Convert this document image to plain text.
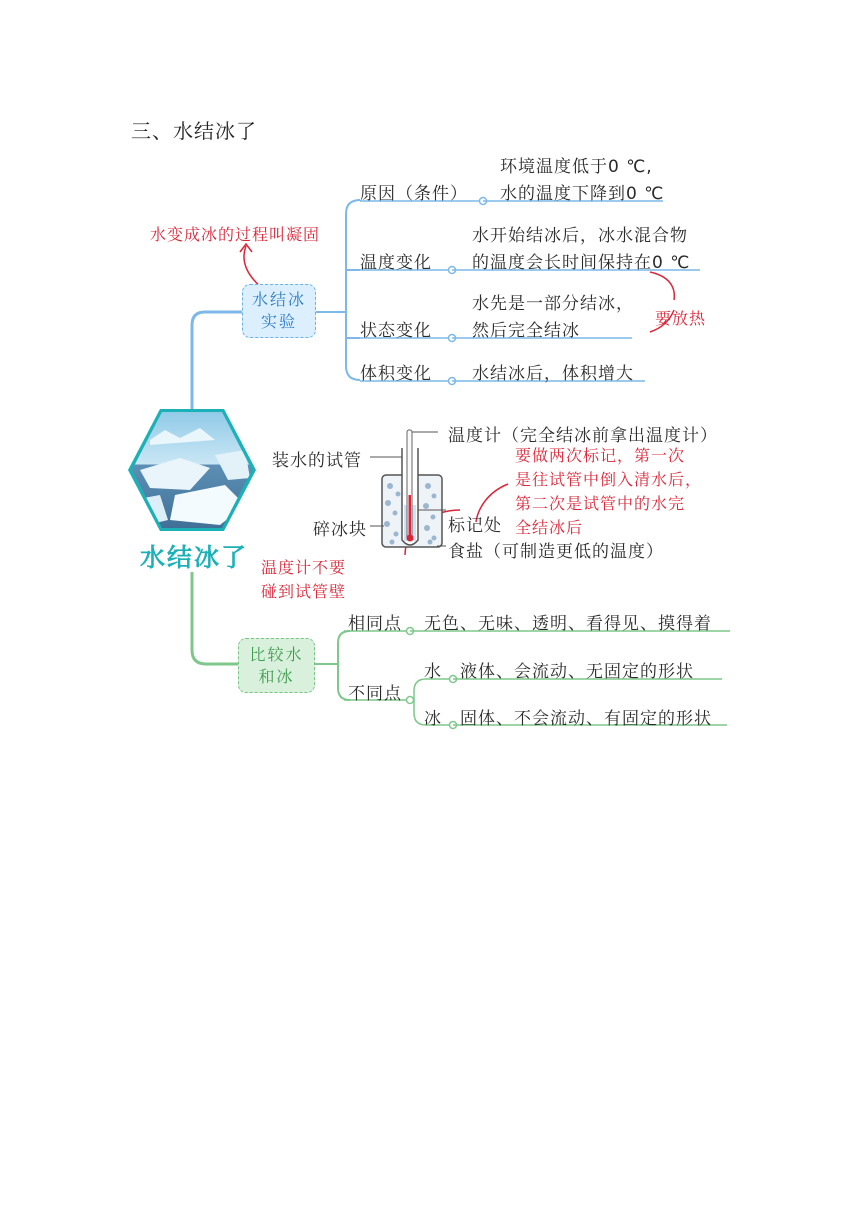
三、水结冰了
水结冰
实验
水变成冰的过程叫凝固
原因（条件）
环境温度低于0 ℃,
水的温度下降到0 ℃
温度变化
水开始结冰后，冰水混合物
的温度会长时间保持在0 ℃
状态变化
水先是一部分结冰，
然后完全结冰
体积变化 水结冰后，体积增大
要放热
水结冰了
温度计（完全结冰前拿出温度计）
装水的试管
碎冰块	标记处
食盐（可制造更低的温度）
要做两次标记，第一次
是往试管中倒入清水后，
第二次是试管中的水完
全结冰后
温度计不要
碰到试管壁
比较水
和冰
相同点 无色、无味、透明、看得见、摸得着
不同点
水 液体、会流动、无固定的形状
冰 固体、不会流动、有固定的形状
